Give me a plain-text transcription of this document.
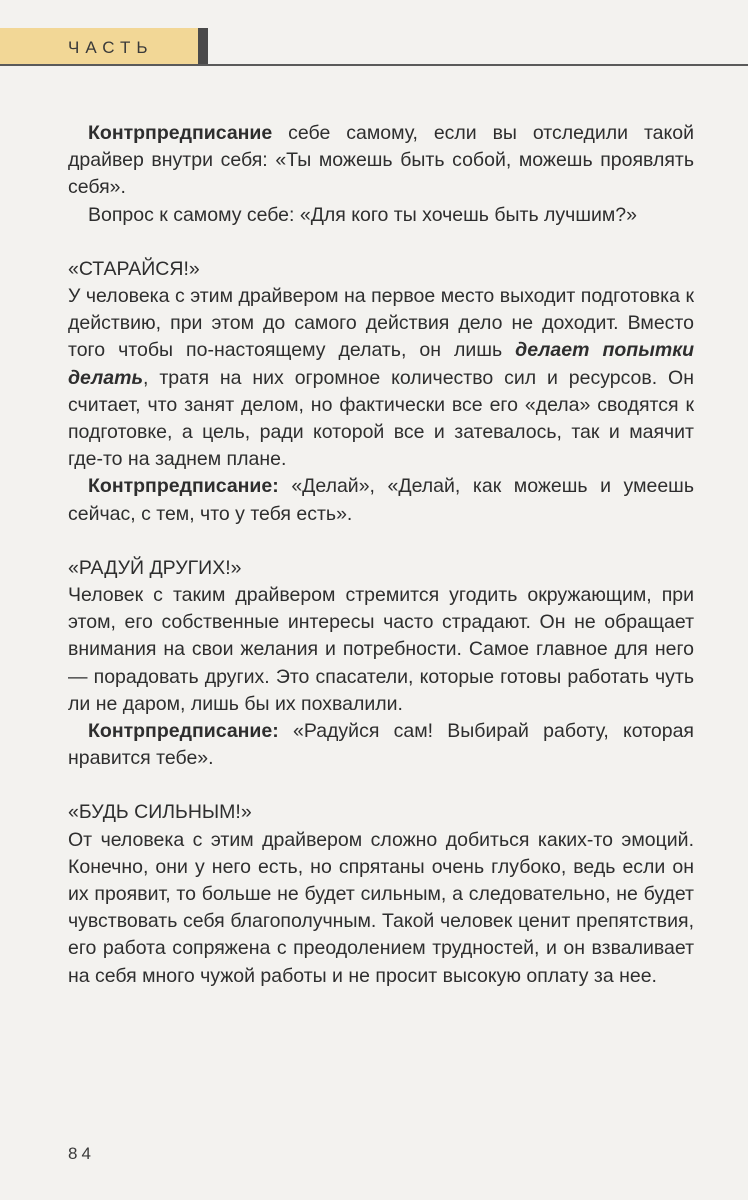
ЧАСТЬ

Контрпредписание себе самому, если вы отследили такой драйвер внутри себя: «Ты можешь быть собой, можешь проявлять себя».

Вопрос к самому себе: «Для кого ты хочешь быть лучшим?»

«СТАРАЙСЯ!»

У человека с этим драйвером на первое место выходит подготовка к действию, при этом до самого действия дело не доходит. Вместо того чтобы по-настоящему делать, он лишь делает попытки делать, тратя на них огромное количество сил и ресурсов. Он считает, что занят делом, но фактически все его «дела» сводятся к подготовке, а цель, ради которой все и затевалось, так и маячит где-то на заднем плане.

Контрпредписание: «Делай», «Делай, как можешь и умеешь сейчас, с тем, что у тебя есть».

«РАДУЙ ДРУГИХ!»

Человек с таким драйвером стремится угодить окружающим, при этом, его собственные интересы часто страдают. Он не обращает внимания на свои желания и потребности. Самое главное для него — порадовать других. Это спасатели, которые готовы работать чуть ли не даром, лишь бы их похвалили.

Контрпредписание: «Радуйся сам! Выбирай работу, которая нравится тебе».

«БУДЬ СИЛЬНЫМ!»

От человека с этим драйвером сложно добиться каких-то эмоций. Конечно, они у него есть, но спрятаны очень глубоко, ведь если он их проявит, то больше не будет сильным, а следовательно, не будет чувствовать себя благополучным. Такой человек ценит препятствия, его работа сопряжена с преодолением трудностей, и он взваливает на себя много чужой работы и не просит высокую оплату за нее.

84
